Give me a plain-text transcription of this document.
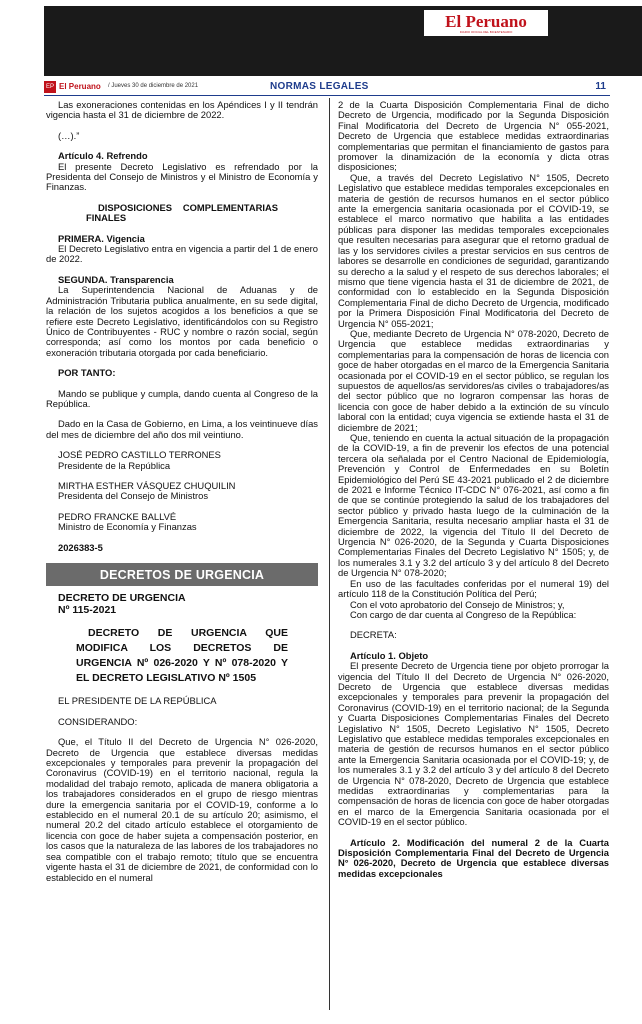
El Peruano
DIARIO OFICIAL DEL BICENTENARIO
EP El Peruano / Jueves 30 de diciembre de 2021	NORMAS LEGALES	11

Las exoneraciones contenidas en los Apéndices I y II tendrán vigencia hasta el 31 de diciembre de 2022.

(…).”

Artículo 4. Refrendo

El presente Decreto Legislativo es refrendado por la Presidenta del Consejo de Ministros y el Ministro de Economía y Finanzas.

DISPOSICIONES COMPLEMENTARIAS FINALES

PRIMERA. Vigencia

El Decreto Legislativo entra en vigencia a partir del 1 de enero de 2022.

SEGUNDA. Transparencia

La Superintendencia Nacional de Aduanas y de Administración Tributaria publica anualmente, en su sede digital, la relación de los sujetos acogidos a los beneficios a que se refiere este Decreto Legislativo, identificándolos con su Registro Único de Contribuyentes - RUC y nombre o razón social, según corresponda; así como los montos por cada beneficio o exoneración tributaria otorgada por cada beneficiario.

POR TANTO:

Mando se publique y cumpla, dando cuenta al Congreso de la República.

Dado en la Casa de Gobierno, en Lima, a los veintinueve días del mes de diciembre del año dos mil veintiuno.

JOSÉ PEDRO CASTILLO TERRONES

Presidente de la República

MIRTHA ESTHER VÁSQUEZ CHUQUILIN

Presidenta del Consejo de Ministros

PEDRO FRANCKE BALLVÉ

Ministro de Economía y Finanzas

2026383-5

DECRETOS DE URGENCIA

DECRETO DE URGENCIA

Nº 115-2021

DECRETO DE URGENCIA QUE MODIFICA LOS DECRETOS DE URGENCIA Nº 026-2020 Y Nº 078-2020 Y EL DECRETO LEGISLATIVO Nº 1505

EL PRESIDENTE DE LA REPÚBLICA

CONSIDERANDO:

Que, el Título II del Decreto de Urgencia N° 026-2020, Decreto de Urgencia que establece diversas medidas excepcionales y temporales para prevenir la propagación del Coronavirus (COVID-19) en el territorio nacional, regula la modalidad del trabajo remoto, aplicada de manera obligatoria a los trabajadores considerados en el grupo de riesgo mientras dure la emergencia sanitaria por el COVID-19, conforme a lo establecido en el numeral 20.1 de su artículo 20; asimismo, el numeral 20.2 del citado artículo establece el otorgamiento de licencia con goce de haber sujeta a compensación posterior, en los casos que la naturaleza de las labores de los trabajadores no sea compatible con el trabajo remoto; título que se encuentra vigente hasta el 31 de diciembre de 2021, de conformidad con lo establecido en el numeral

2 de la Cuarta Disposición Complementaria Final de dicho Decreto de Urgencia, modificado por la Segunda Disposición Final Modificatoria del Decreto de Urgencia N° 055-2021, Decreto de Urgencia que establece medidas extraordinarias complementarias que permitan el financiamiento de gastos para promover la dinamización de la economía y dicta otras disposiciones;

Que, a través del Decreto Legislativo N° 1505, Decreto Legislativo que establece medidas temporales excepcionales en materia de gestión de recursos humanos en el sector público ante la emergencia sanitaria ocasionada por el COVID-19, se establece el marco normativo que habilita a las entidades públicas para disponer las medidas temporales excepcionales que resulten necesarias para asegurar que el retorno gradual de las y los servidores civiles a prestar servicios en sus centros de labores se desarrolle en condiciones de seguridad, garantizando su derecho a la salud y el respeto de sus derechos laborales; el mismo que tiene vigencia hasta el 31 de diciembre de 2021, de conformidad con lo establecido en la Segunda Disposición Complementaria Final de dicho Decreto de Urgencia, modificado por la Primera Disposición Final Modificatoria del Decreto de Urgencia N° 055-2021;

Que, mediante Decreto de Urgencia N° 078-2020, Decreto de Urgencia que establece medidas extraordinarias y complementarias para la compensación de horas de licencia con goce de haber otorgadas en el marco de la Emergencia Sanitaria ocasionada por el COVID-19 en el sector público, se regulan los supuestos de aquellos/as servidores/as civiles o trabajadores/as del sector público que no lograron compensar las horas de licencia con goce de haber debido a la extinción de su vínculo laboral con la entidad; cuya vigencia se extiende hasta el 31 de diciembre de 2021;

Que, teniendo en cuenta la actual situación de la propagación de la COVID-19, a fin de prevenir los efectos de una potencial tercera ola señalada por el Centro Nacional de Epidemiología, Prevención y Control de Enfermedades en su Boletín Epidemiológico del Perú SE 43-2021 publicado el 2 de diciembre de 2021 e Informe Técnico IT-CDC N° 076-2021, así como a fin de que se continúe protegiendo la salud de los trabajadores del sector público y privado hasta luego de la culminación de la Emergencia Sanitaria, resulta necesario ampliar hasta el 31 de diciembre de 2022, la vigencia del Título II del Decreto de Urgencia N° 026-2020, de la Segunda y Cuarta Disposiciones Complementarias Finales del Decreto Legislativo N° 1505; y, de los numerales 3.1 y 3.2 del artículo 3 y del artículo 8 del Decreto de Urgencia N° 078-2020;

En uso de las facultades conferidas por el numeral 19) del artículo 118 de la Constitución Política del Perú;

Con el voto aprobatorio del Consejo de Ministros; y,

Con cargo de dar cuenta al Congreso de la República:

DECRETA:

Artículo 1. Objeto

El presente Decreto de Urgencia tiene por objeto prorrogar la vigencia del Título II del Decreto de Urgencia N° 026-2020, Decreto de Urgencia que establece diversas medidas excepcionales y temporales para prevenir la propagación del Coronavirus (COVID-19) en el territorio nacional; de la Segunda y Cuarta Disposiciones Complementarias Finales del Decreto Legislativo N° 1505, Decreto Legislativo N° 1505, Decreto Legislativo que establece medidas temporales excepcionales en materia de gestión de recursos humanos en el sector público ante la Emergencia Sanitaria ocasionada por el COVID-19; y, de los numerales 3.1 y 3.2 del artículo 3 y del artículo 8 del Decreto de Urgencia N° 078-2020, Decreto de Urgencia que establece medidas extraordinarias y complementarias para la compensación de horas de licencia con goce de haber otorgadas en el marco de la Emergencia Sanitaria ocasionada por el COVID-19 en el sector público.

Artículo 2. Modificación del numeral 2 de la Cuarta Disposición Complementaria Final del Decreto de Urgencia N° 026-2020, Decreto de Urgencia que establece diversas medidas excepcionales
